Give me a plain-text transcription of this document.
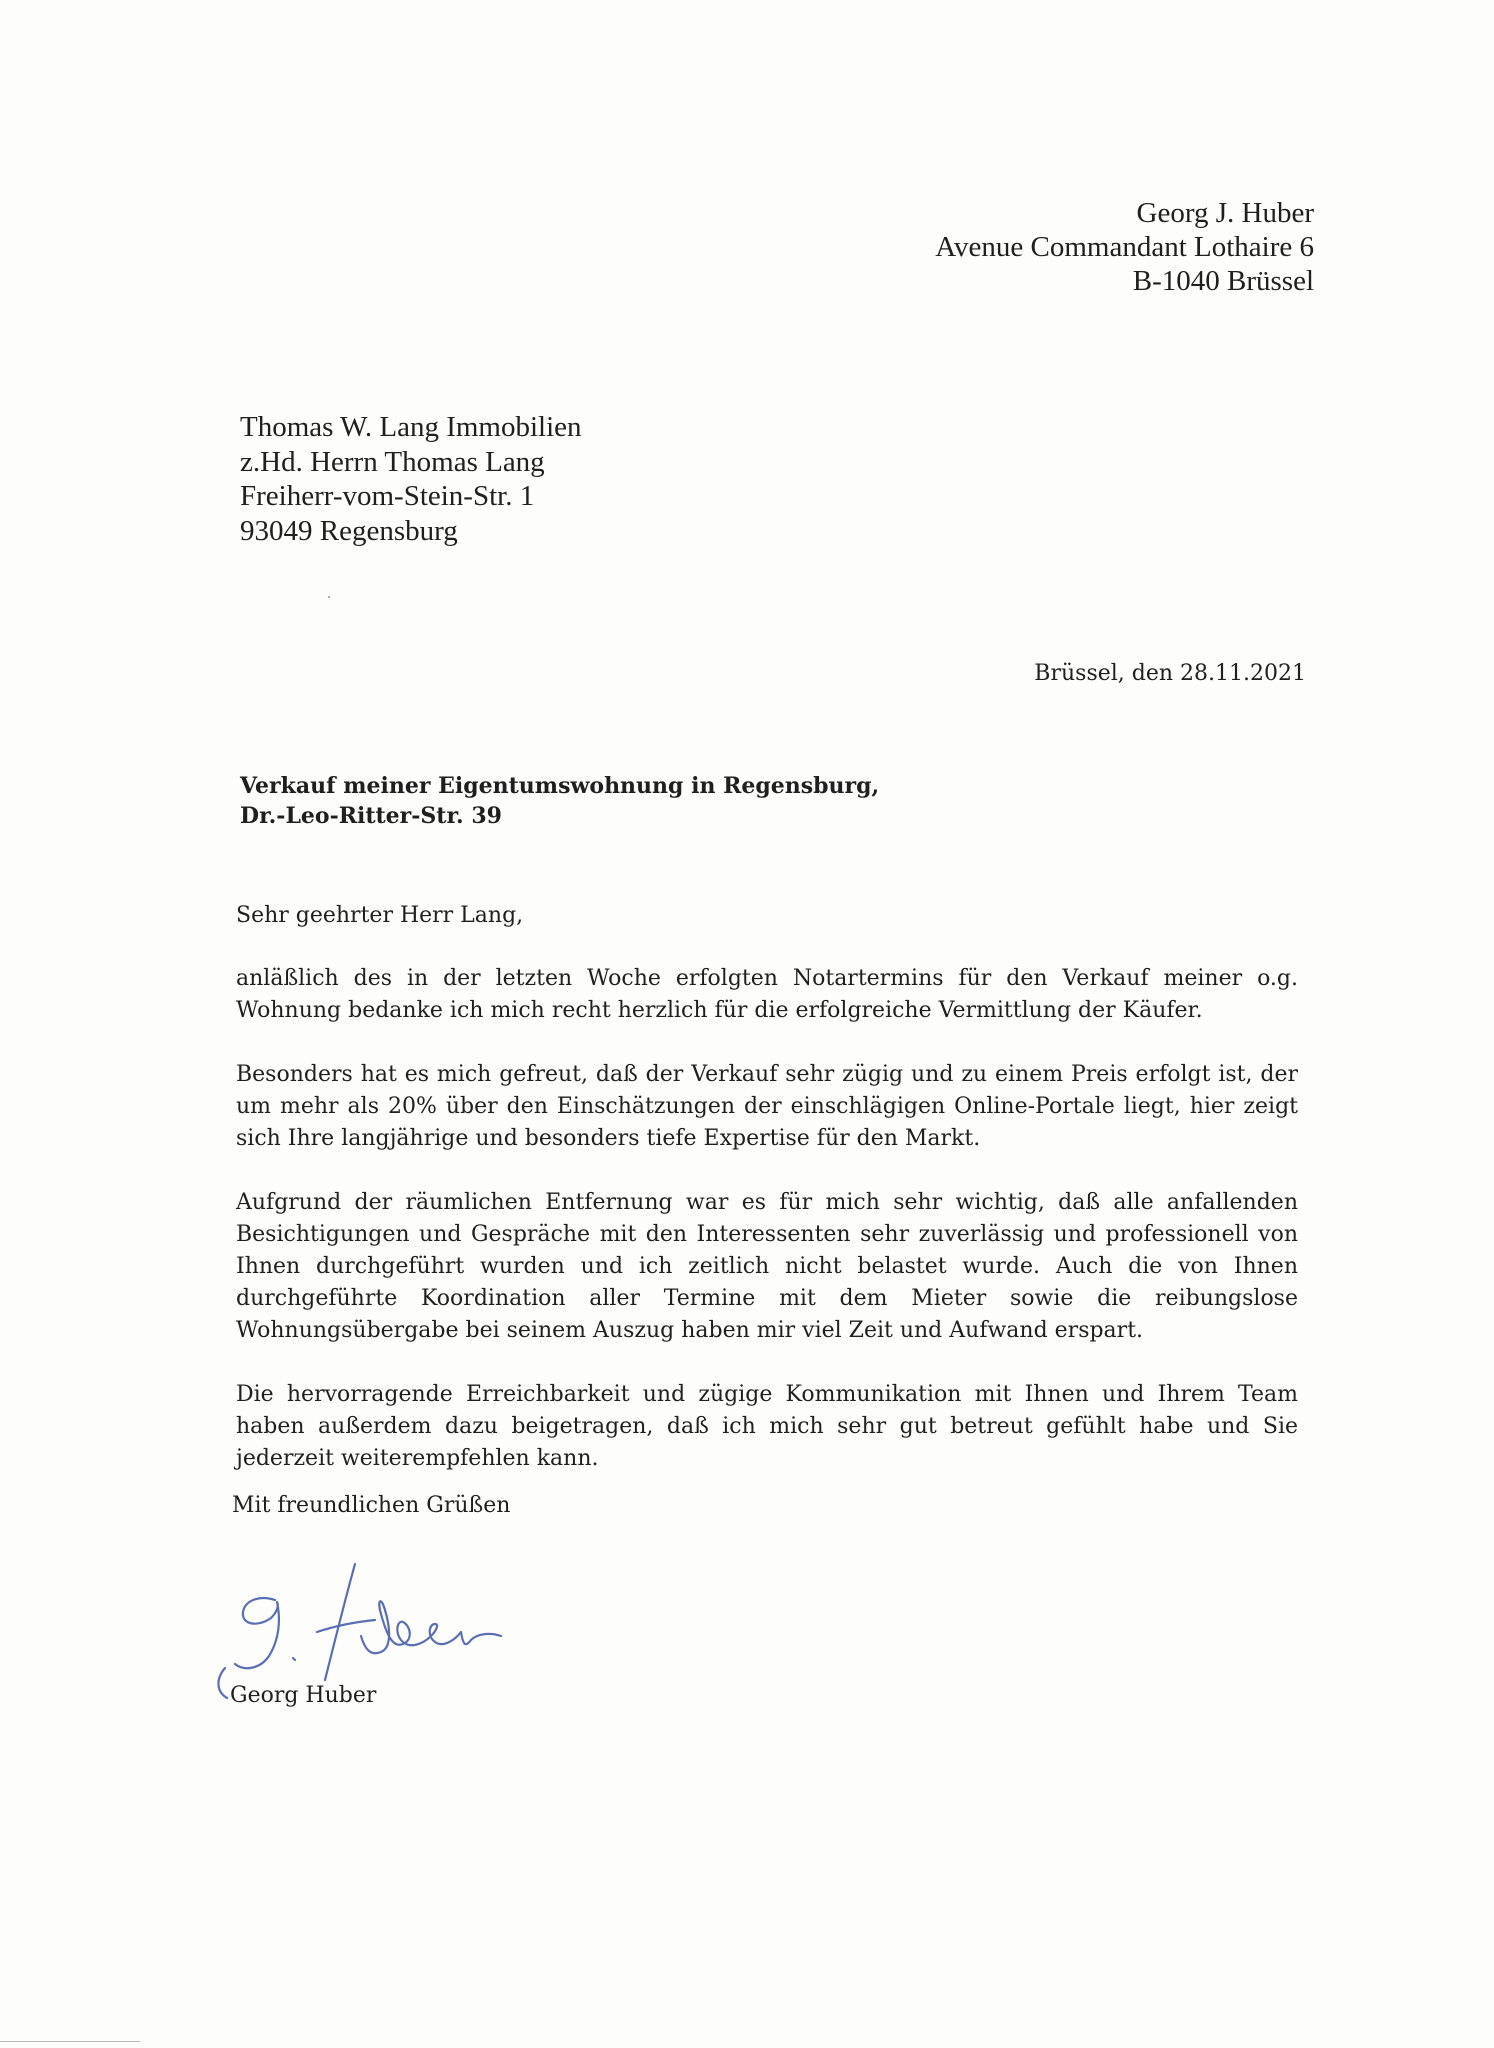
Georg J. Huber
Avenue Commandant Lothaire 6
B-1040 Brüssel
Thomas W. Lang Immobilien
z.Hd. Herrn Thomas Lang
Freiherr-vom-Stein-Str. 1
93049 Regensburg
Brüssel, den 28.11.2021
Verkauf meiner Eigentumswohnung in Regensburg,
Dr.-Leo-Ritter-Str. 39

Sehr geehrter Herr Lang,

anläßlich des in der letzten Woche erfolgten Notartermins für den Verkauf meiner o.g. Wohnung bedanke ich mich recht herzlich für die erfolgreiche Vermittlung der Käufer.

Besonders hat es mich gefreut, daß der Verkauf sehr zügig und zu einem Preis erfolgt ist, der um mehr als 20% über den Einschätzungen der einschlägigen Online-Portale liegt, hier zeigt sich Ihre langjährige und besonders tiefe Expertise für den Markt.

Aufgrund der räumlichen Entfernung war es für mich sehr wichtig, daß alle anfallenden Besichtigungen und Gespräche mit den Interessenten sehr zuverlässig und professionell von Ihnen durchgeführt wurden und ich zeitlich nicht belastet wurde. Auch die von Ihnen durchgeführte Koordination aller Termine mit dem Mieter sowie die reibungslose Wohnungsübergabe bei seinem Auszug haben mir viel Zeit und Aufwand erspart.

Die hervorragende Erreichbarkeit und zügige Kommunikation mit Ihnen und Ihrem Team haben außerdem dazu beigetragen, daß ich mich sehr gut betreut gefühlt habe und Sie jederzeit weiterempfehlen kann.

Mit freundlichen Grüßen
Georg Huber
